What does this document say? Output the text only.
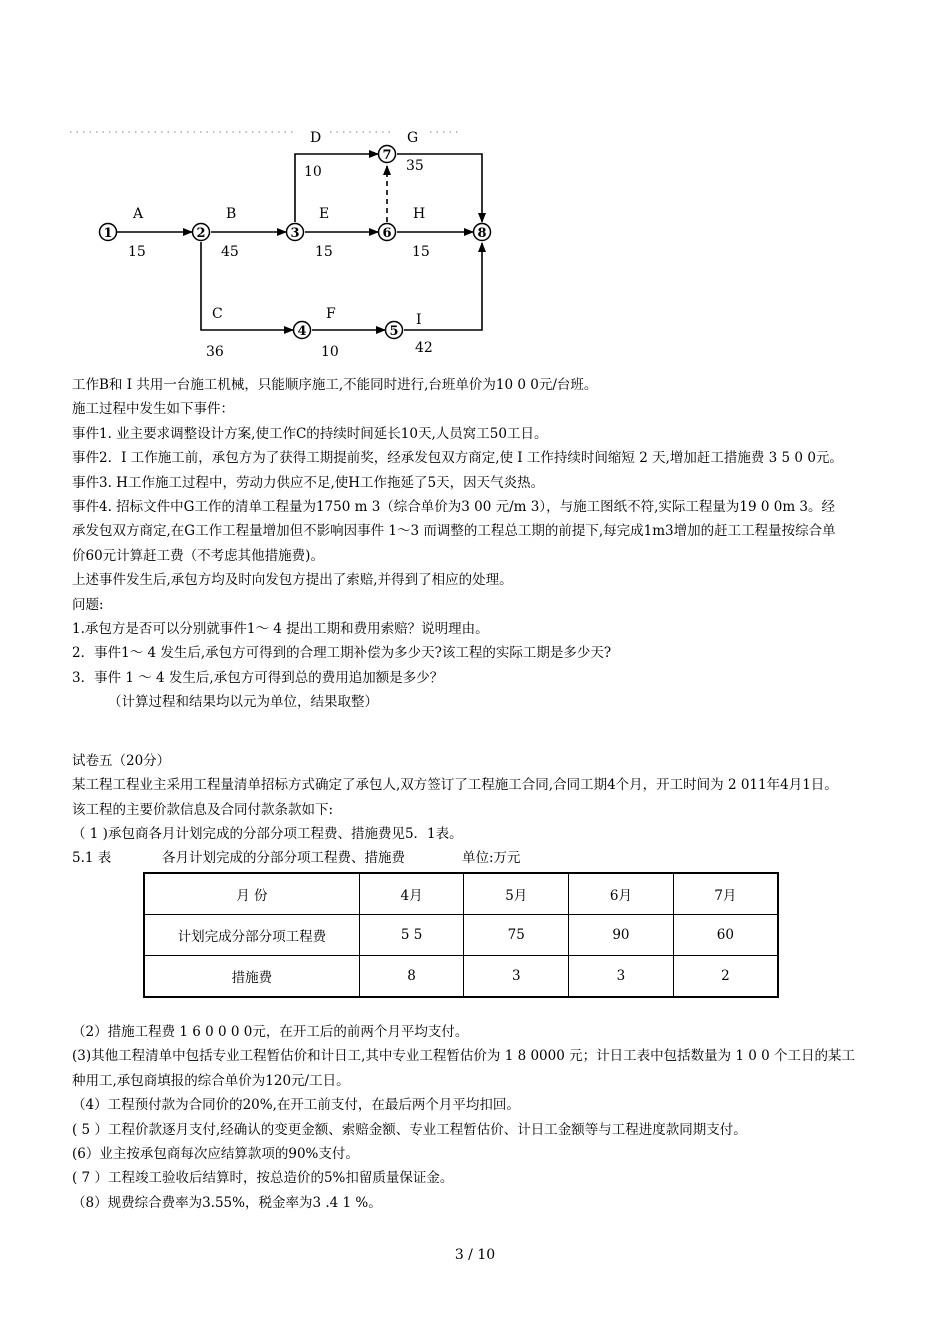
1	2	3
4	5
6
7
8
A	B
C
D
E
F
G
H
I
15	45
36
10
15
10
35
15
42
工作B和 I 共用一台施工机械，只能顺序施工,不能同时进行,台班单价为10 0 0元/台班。
施工过程中发生如下事件：
事件1. 业主要求调整设计方案,使工作C的持续时间延长10天,人员窝工50工日。
事件2．I 工作施工前，承包方为了获得工期提前奖，经承发包双方商定,使 I 工作持续时间缩短 2 天,增加赶工措施费 3 5 0 0元。
事件3. H工作施工过程中，劳动力供应不足,使H工作拖延了5天，因天气炎热。
事件4. 招标文件中G工作的清单工程量为1750 m 3（综合单价为3 00 元/m 3），与施工图纸不符,实际工程量为19 0 0m 3。经
承发包双方商定,在G工作工程量增加但不影响因事件 1～3 而调整的工程总工期的前提下,每完成1m3增加的赶工工程量按综合单
价60元计算赶工费（不考虑其他措施费)。
上述事件发生后,承包方均及时向发包方提出了索赔,并得到了相应的处理。
问题:
1.承包方是否可以分别就事件1～ 4 提出工期和费用索赔？说明理由。
2．事件1～ 4 发生后,承包方可得到的合理工期补偿为多少天?该工程的实际工期是多少天?
3．事件 1 ～ 4 发生后,承包方可得到总的费用追加额是多少？
（计算过程和结果均以元为单位，结果取整）
试卷五（20分）
某工程工程业主采用工程量清单招标方式确定了承包人,双方签订了工程施工合同,合同工期4个月，开工时间为 2 011年4月1日。
该工程的主要价款信息及合同付款条款如下:
（ 1 )承包商各月计划完成的分部分项工程费、措施费见5．1表。
5.1 表	各月计划完成的分部分项工程费、措施费	单位:万元
月 份	4月	5月	6月	7月
计划完成分部分项工程费	5 5	75	90	60
措施费	8	3	3	2
（2）措施工程费 1 6 0 0 0 0元，在开工后的前两个月平均支付。
(3)其他工程清单中包括专业工程暂估价和计日工,其中专业工程暂估价为 1 8 0000 元；计日工表中包括数量为 1 0 0 个工日的某工
种用工,承包商填报的综合单价为120元/工日。
（4）工程预付款为合同价的20%,在开工前支付，在最后两个月平均扣回。
( 5 ）工程价款逐月支付,经确认的变更金额、索赔金额、专业工程暂估价、计日工金额等与工程进度款同期支付。
(6）业主按承包商每次应结算款项的90%支付。
( 7 ）工程竣工验收后结算时，按总造价的5%扣留质量保证金。
（8）规费综合费率为3.55%，税金率为3 .4 1 %。
3 / 10
